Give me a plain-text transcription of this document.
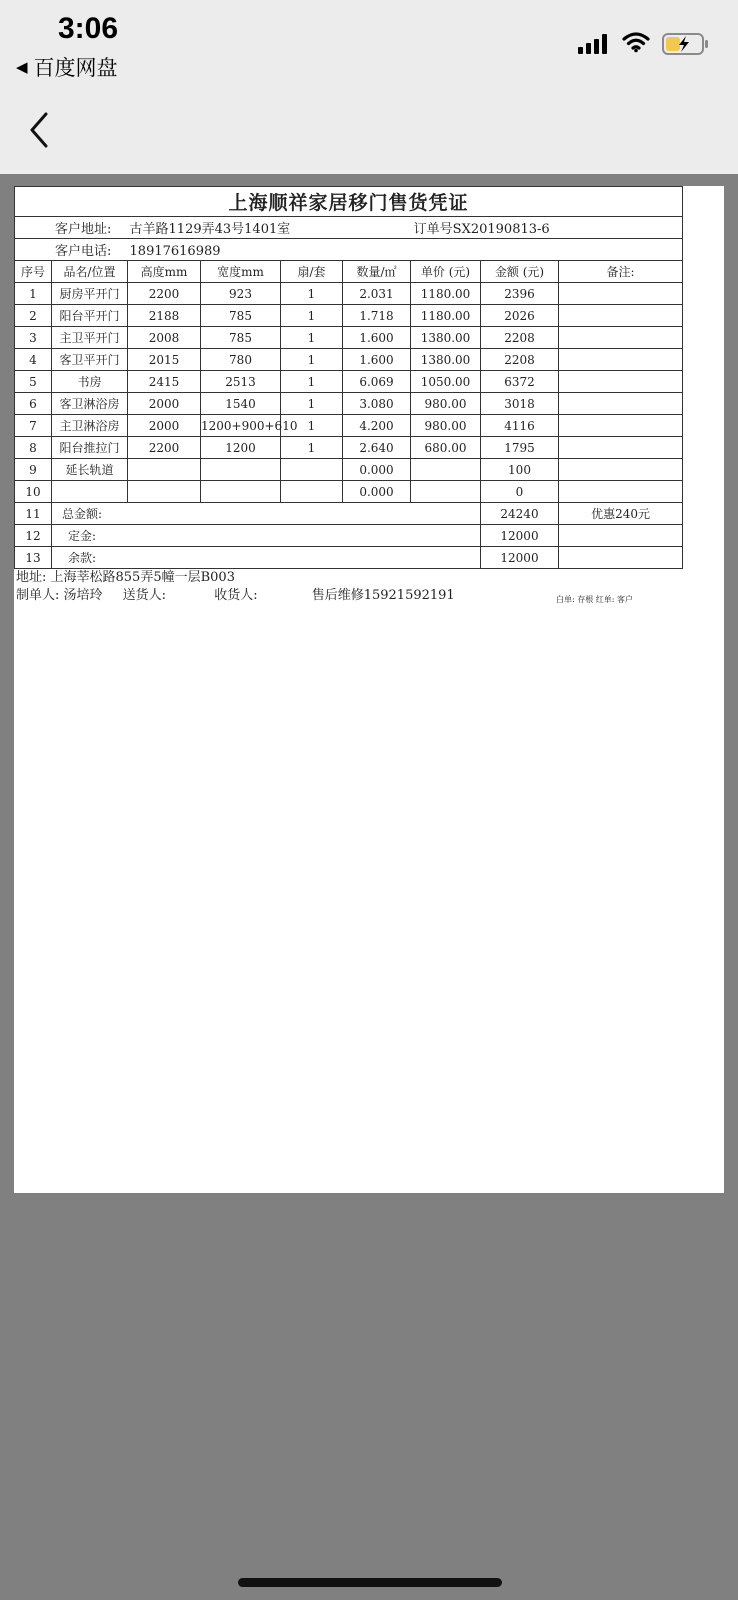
3:06
◀ 百度网盘
上海顺祥家居移门售货凭证								
客户地址: 古羊路1129弄43号1401室 订单号SX20190813-6								
客户电话: 18917616989								
序号	品名/位置	高度mm	宽度mm	扇/套	数量/㎡	单价 (元)	金额 (元)	备注:
1	厨房平开门	2200	923	1	2.031	1180.00	2396	
2	阳台平开门	2188	785	1	1.718	1180.00	2026	
3	主卫平开门	2008	785	1	1.600	1380.00	2208	
4	客卫平开门	2015	780	1	1.600	1380.00	2208	
5	书房	2415	2513	1	6.069	1050.00	6372	
6	客卫淋浴房	2000	1540	1	3.080	980.00	3018	
7	主卫淋浴房	2000	1200+900+610	1	4.200	980.00	4116	
8	阳台推拉门	2200	1200	1	2.640	680.00	1795	
9	延长轨道				0.000		100	
10					0.000		0	
11	总金额:						24240	优惠240元
12	定金:						12000	
13	余款:						12000	
地址: 上海莘松路855弄5幢一层B003
制单人: 汤培玲 送货人:	收货人:	售后维修15921592191	白单: 存根 红单: 客户
